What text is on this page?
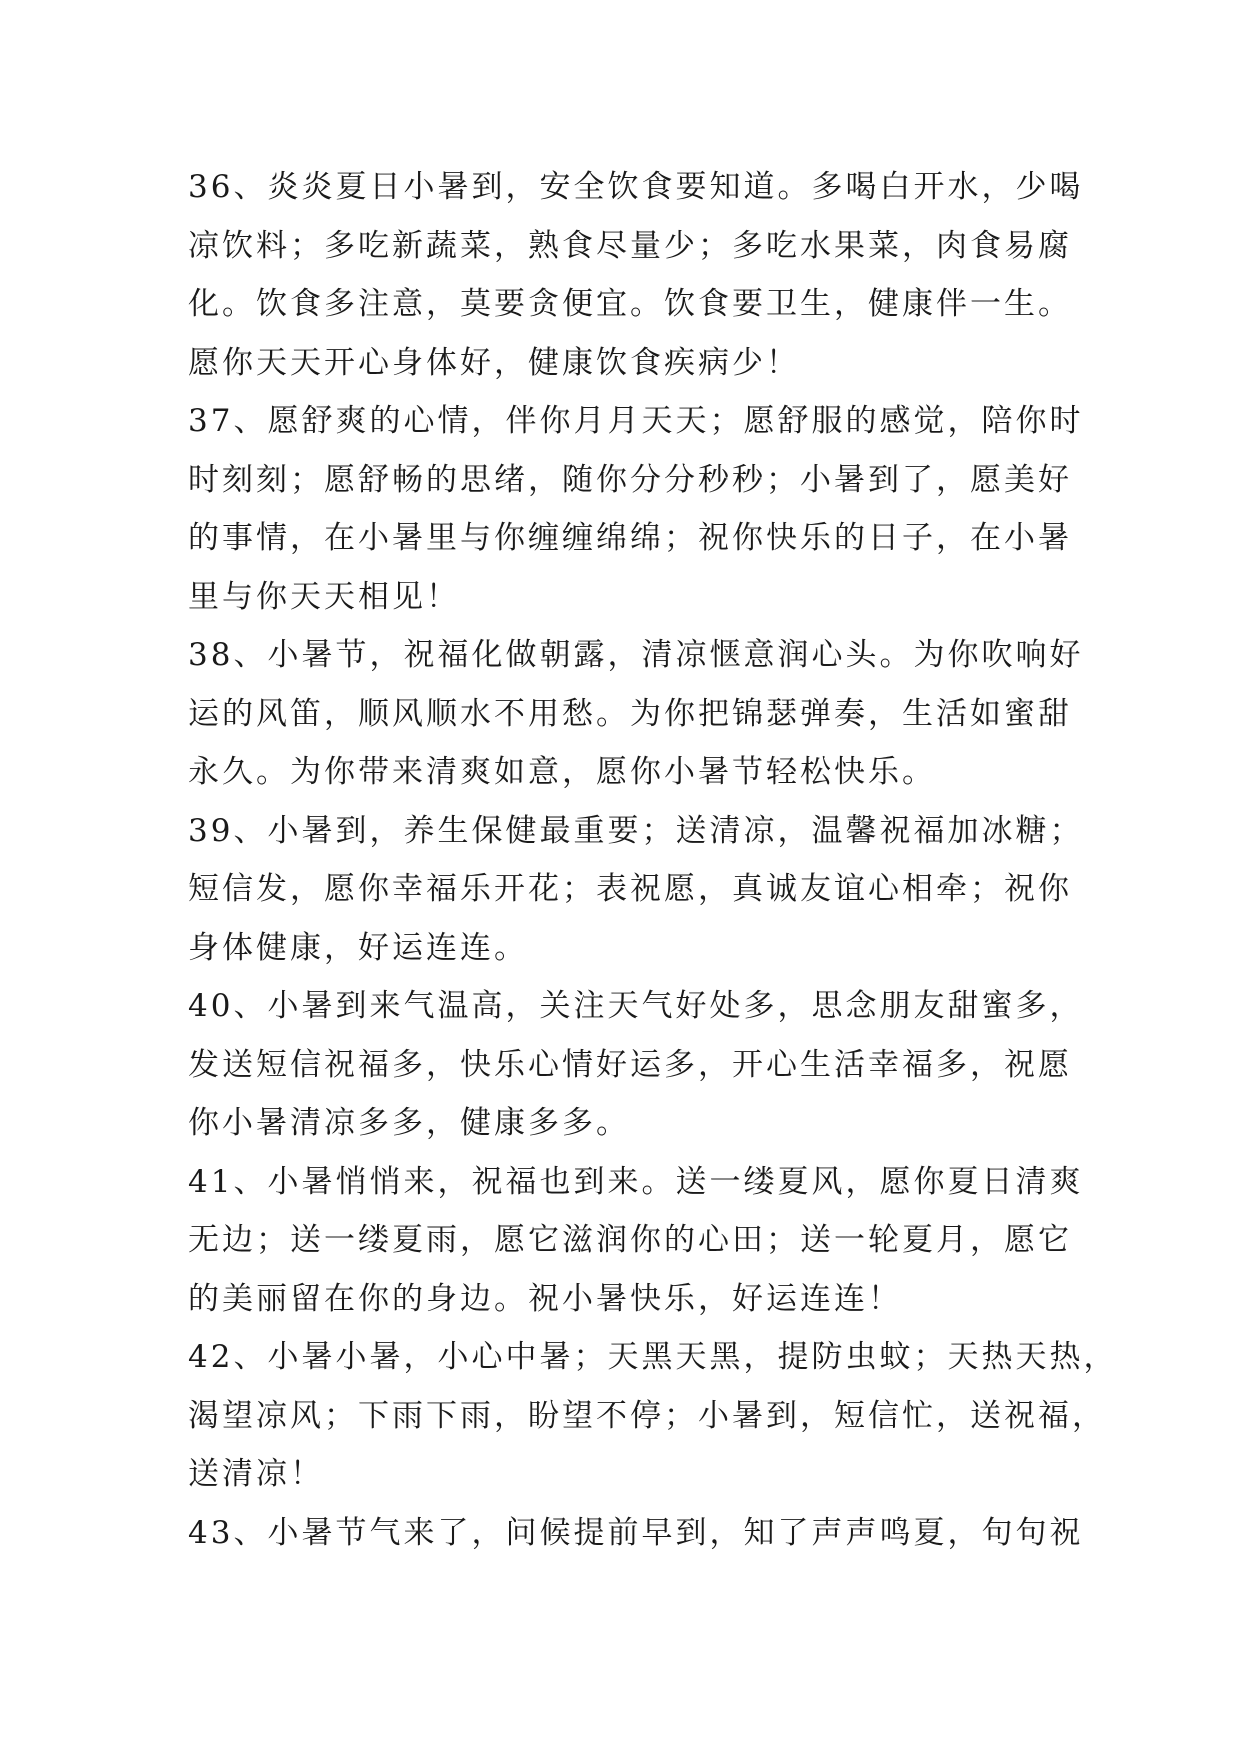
36、炎炎夏日小暑到，安全饮食要知道。多喝白开水，少喝
凉饮料；多吃新蔬菜，熟食尽量少；多吃水果菜，肉食易腐
化。饮食多注意，莫要贪便宜。饮食要卫生，健康伴一生。
愿你天天开心身体好，健康饮食疾病少！
37、愿舒爽的心情，伴你月月天天；愿舒服的感觉，陪你时
时刻刻；愿舒畅的思绪，随你分分秒秒；小暑到了，愿美好
的事情，在小暑里与你缠缠绵绵；祝你快乐的日子，在小暑
里与你天天相见！
38、小暑节，祝福化做朝露，清凉惬意润心头。为你吹响好
运的风笛，顺风顺水不用愁。为你把锦瑟弹奏，生活如蜜甜
永久。为你带来清爽如意，愿你小暑节轻松快乐。
39、小暑到，养生保健最重要；送清凉，温馨祝福加冰糖；
短信发，愿你幸福乐开花；表祝愿，真诚友谊心相牵；祝你
身体健康，好运连连。
40、小暑到来气温高，关注天气好处多，思念朋友甜蜜多，
发送短信祝福多，快乐心情好运多，开心生活幸福多，祝愿
你小暑清凉多多，健康多多。
41、小暑悄悄来，祝福也到来。送一缕夏风，愿你夏日清爽
无边；送一缕夏雨，愿它滋润你的心田；送一轮夏月，愿它
的美丽留在你的身边。祝小暑快乐，好运连连！
42、小暑小暑，小心中暑；天黑天黑，提防虫蚊；天热天热，
渴望凉风；下雨下雨，盼望不停；小暑到，短信忙，送祝福，
送清凉！
43、小暑节气来了，问候提前早到，知了声声鸣夏，句句祝
